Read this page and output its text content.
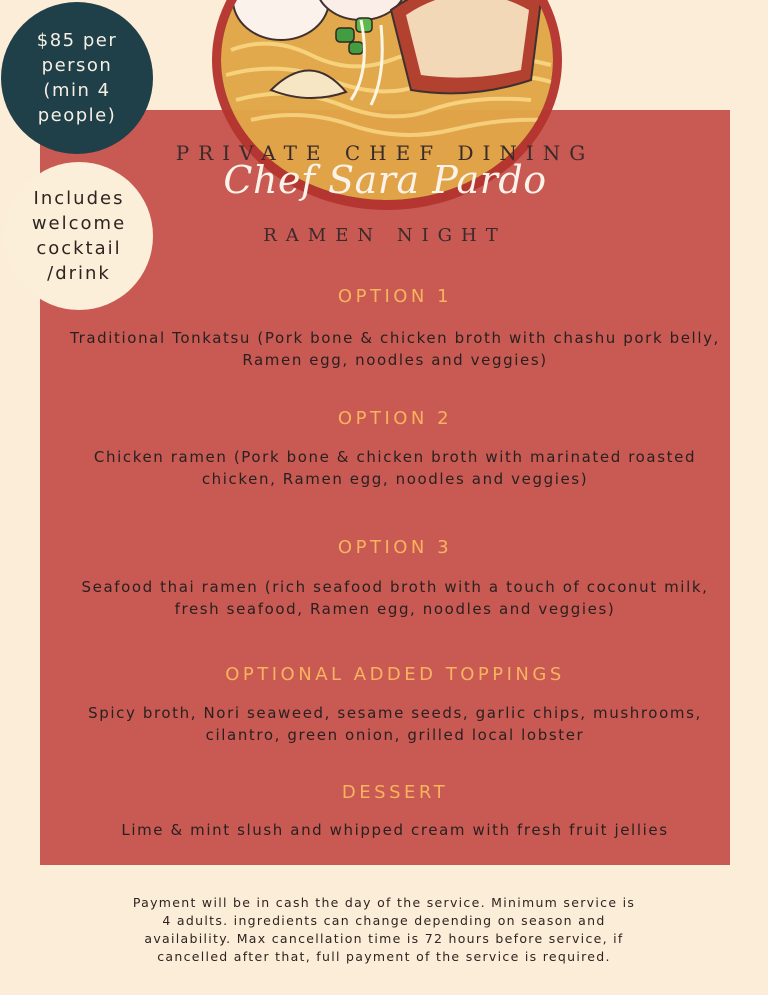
$85 per
person
(min 4 people)
Includes
welcome
cocktail
/drink
PRIVATE CHEF DINING
Chef Sara Pardo
RAMEN NIGHT
OPTION 1
Traditional Tonkatsu (Pork bone & chicken broth with chashu pork belly,
Ramen egg, noodles and veggies)
OPTION 2
Chicken ramen (Pork bone & chicken broth with marinated roasted
chicken, Ramen egg, noodles and veggies)
OPTION 3
Seafood thai ramen (rich seafood broth with a touch of coconut milk,
fresh seafood, Ramen egg, noodles and veggies)
OPTIONAL ADDED TOPPINGS
Spicy broth, Nori seaweed, sesame seeds, garlic chips, mushrooms,
cilantro, green onion, grilled local lobster
DESSERT
Lime & mint slush and whipped cream with fresh fruit jellies
Payment will be in cash the day of the service. Minimum service is
4 adults. ingredients can change depending on season and
availability. Max cancellation time is 72 hours before service, if
cancelled after that, full payment of the service is required.
